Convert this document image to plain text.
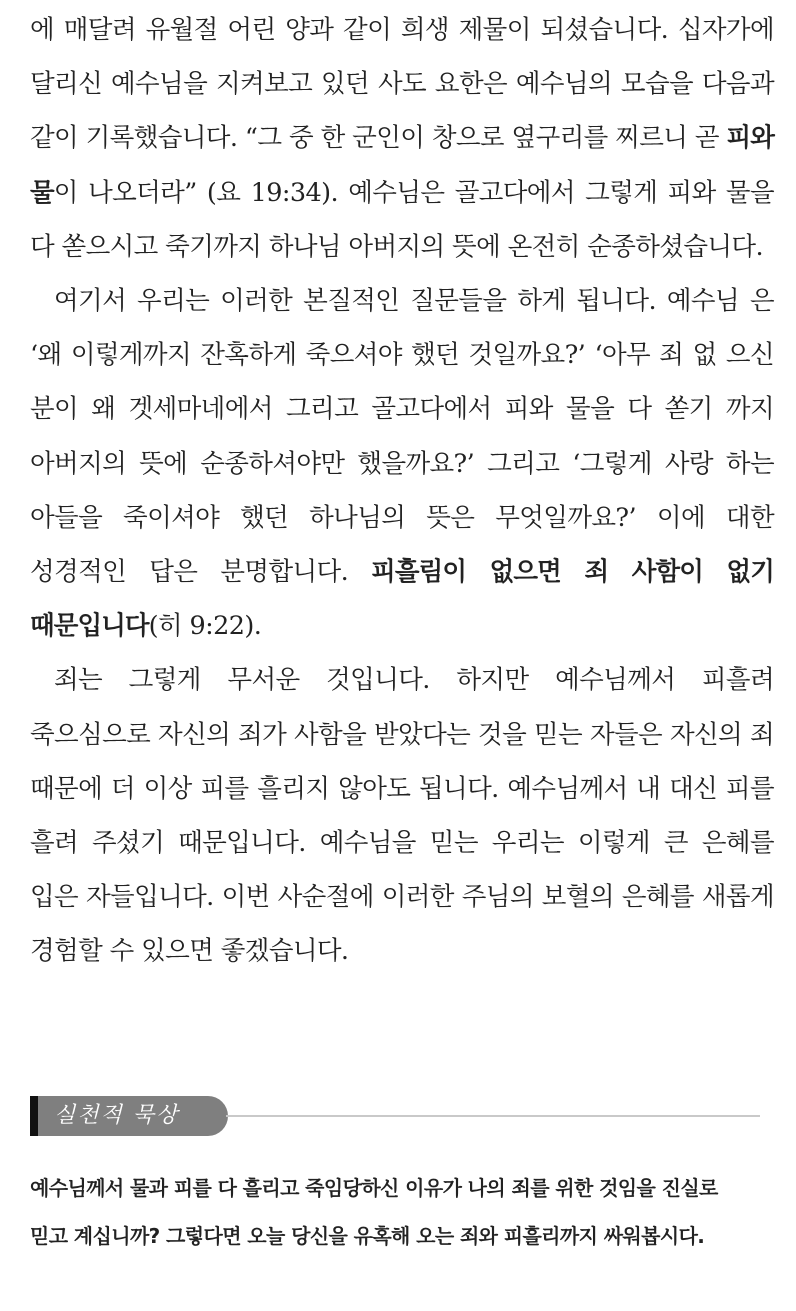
에 매달려 유월절 어린 양과 같이 희생 제물이 되셨습니다. 십자가에 달리신 예수님을 지켜보고 있던 사도 요한은 예수님의 모습을 다음과 같이 기록했습니다. “그 중 한 군인이 창으로 옆구리를 찌르니 곧 피와 물이 나오더라” (요 19:34). 예수님은 골고다에서 그렇게 피와 물을 다 쏟으시고 죽기까지 하나님 아버지의 뜻에 온전히 순종하셨습니다.

여기서 우리는 이러한 본질적인 질문들을 하게 됩니다. 예수님 은 ‘왜 이렇게까지 잔혹하게 죽으셔야 했던 것일까요?’ ‘아무 죄 없 으신 분이 왜 겟세마네에서 그리고 골고다에서 피와 물을 다 쏟기 까지 아버지의 뜻에 순종하셔야만 했을까요?’ 그리고 ‘그렇게 사랑 하는 아들을 죽이셔야 했던 하나님의 뜻은 무엇일까요?’ 이에 대한 성경적인 답은 분명합니다. 피흘림이 없으면 죄 사함이 없기 때문입니다(히 9:22).

죄는 그렇게 무서운 것입니다. 하지만 예수님께서 피흘려 죽으심으로 자신의 죄가 사함을 받았다는 것을 믿는 자들은 자신의 죄 때문에 더 이상 피를 흘리지 않아도 됩니다. 예수님께서 내 대신 피를 흘려 주셨기 때문입니다. 예수님을 믿는 우리는 이렇게 큰 은혜를 입은 자들입니다. 이번 사순절에 이러한 주님의 보혈의 은혜를 새롭게 경험할 수 있으면 좋겠습니다.

실천적 묵상

예수님께서 물과 피를 다 흘리고 죽임당하신 이유가 나의 죄를 위한 것임을 진실로 믿고 계십니까? 그렇다면 오늘 당신을 유혹해 오는 죄와 피흘리까지 싸워봅시다.
